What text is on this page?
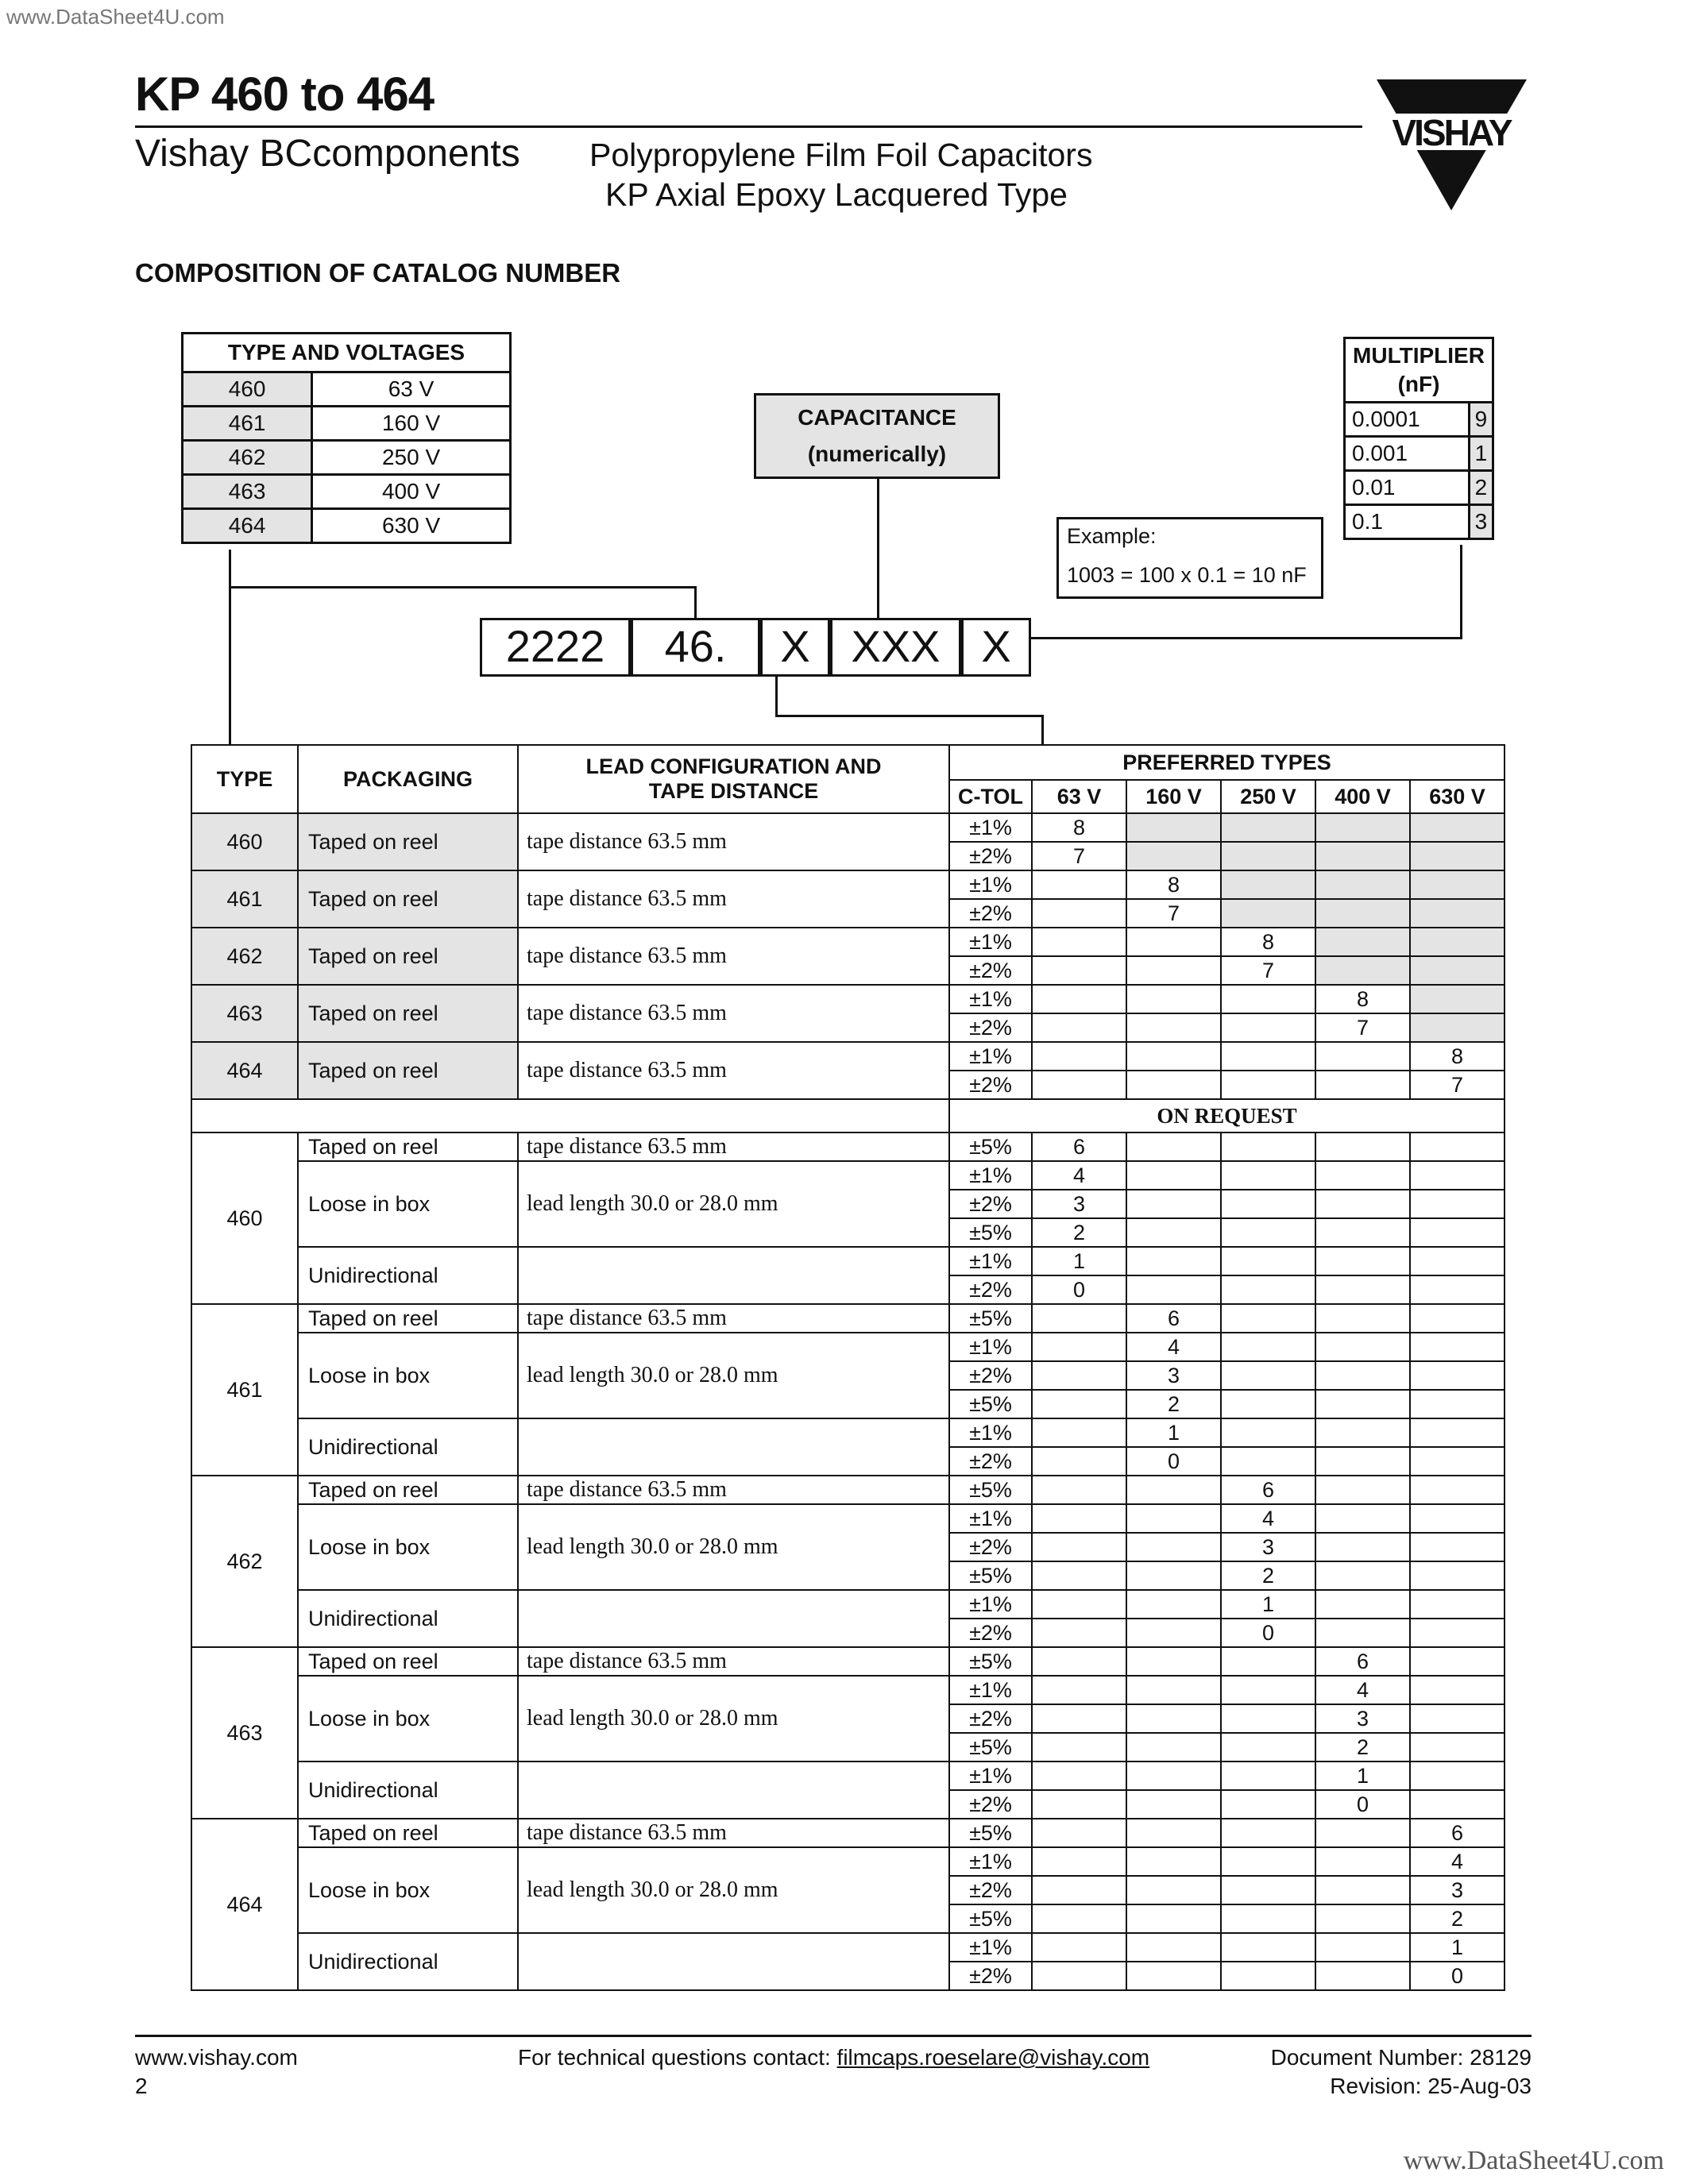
www.DataSheet4U.com
KP 460 to 464
Vishay BCcomponents Polypropylene Film Foil Capacitors
KP Axial Epoxy Lacquered Type
VISHAY
COMPOSITION OF CATALOG NUMBER
TYPE AND VOLTAGES	
460	63 V
461	160 V
462	250 V
463	400 V
464	630 V
CAPACITANCE
(numerically)
MULTIPLIER
(nF)	
0.0001	9
0.001	1
0.01	2
0.1	3
Example:
1003 = 100 x 0.1 = 10 nF
2222	46.	X XXX X
TYPE	PACKAGING	LEAD CONFIGURATION AND
TAPE DISTANCE	PREFERRED TYPES					
			C-TOL	63 V	160 V	250 V	400 V	630 V
460	Taped on reel	tape distance 63.5 mm	±1%	8				
			±2%	7				
461	Taped on reel	tape distance 63.5 mm	±1%		8			
			±2%		7			
462	Taped on reel	tape distance 63.5 mm	±1%			8		
			±2%			7		
463	Taped on reel	tape distance 63.5 mm	±1%				8	
			±2%				7	
464	Taped on reel	tape distance 63.5 mm	±1%					8
			±2%					7
			ON REQUEST					
460	Taped on reel	tape distance 63.5 mm	±5%	6				
	Loose in box	lead length 30.0 or 28.0 mm	±1%	4				
			±2%	3				
			±5%	2				
	Unidirectional		±1%	1				
			±2%	0				
461	Taped on reel	tape distance 63.5 mm	±5%		6			
	Loose in box	lead length 30.0 or 28.0 mm	±1%		4			
			±2%		3			
			±5%		2			
	Unidirectional		±1%		1			
			±2%		0			
462	Taped on reel	tape distance 63.5 mm	±5%			6		
	Loose in box	lead length 30.0 or 28.0 mm	±1%			4		
			±2%			3		
			±5%			2		
	Unidirectional		±1%			1		
			±2%			0		
463	Taped on reel	tape distance 63.5 mm	±5%				6	
	Loose in box	lead length 30.0 or 28.0 mm	±1%				4	
			±2%				3	
			±5%				2	
	Unidirectional		±1%				1	
			±2%				0	
464	Taped on reel	tape distance 63.5 mm	±5%					6
	Loose in box	lead length 30.0 or 28.0 mm	±1%					4
			±2%					3
			±5%					2
	Unidirectional		±1%					1
			±2%					0
www.vishay.com
2
For technical questions contact: filmcaps.roeselare@vishay.com	Document Number: 28129
Revision: 25-Aug-03
www.DataSheet4U.com
